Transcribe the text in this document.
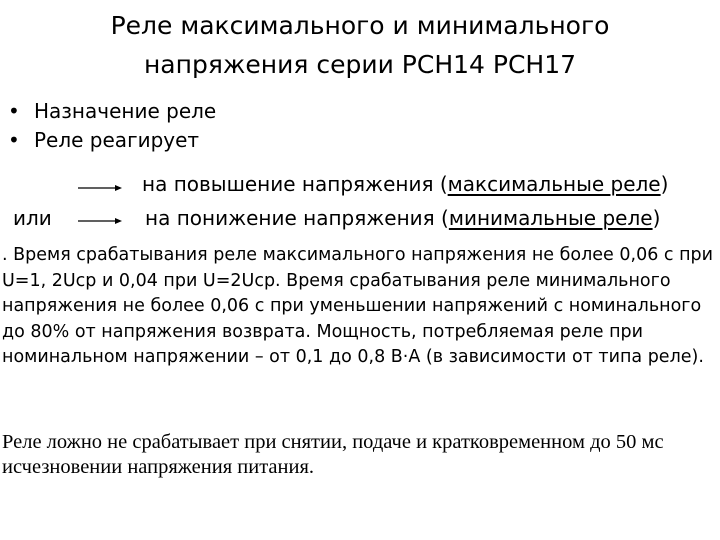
Реле максимального и минимального
напряжения серии РСН14 РСН17
• Назначение реле
• Реле реагирует
на повышение напряжения (максимальные реле)
или	на понижение напряжения (минимальные реле)

. Время срабатывания реле максимального напряжения не более 0,06 с при U=1, 2Uср и 0,04 при U=2Uср. Время срабатывания реле минимального напряжения не более 0,06 с при уменьшении напряжений с номинального до 80% от напряжения возврата. Мощность, потребляемая реле при номинальном напряжении – от 0,1 до 0,8 В·А (в зависимости от типа реле).

Реле ложно не срабатывает при снятии, подаче и кратковременном до 50 мс исчезновении напряжения питания.
